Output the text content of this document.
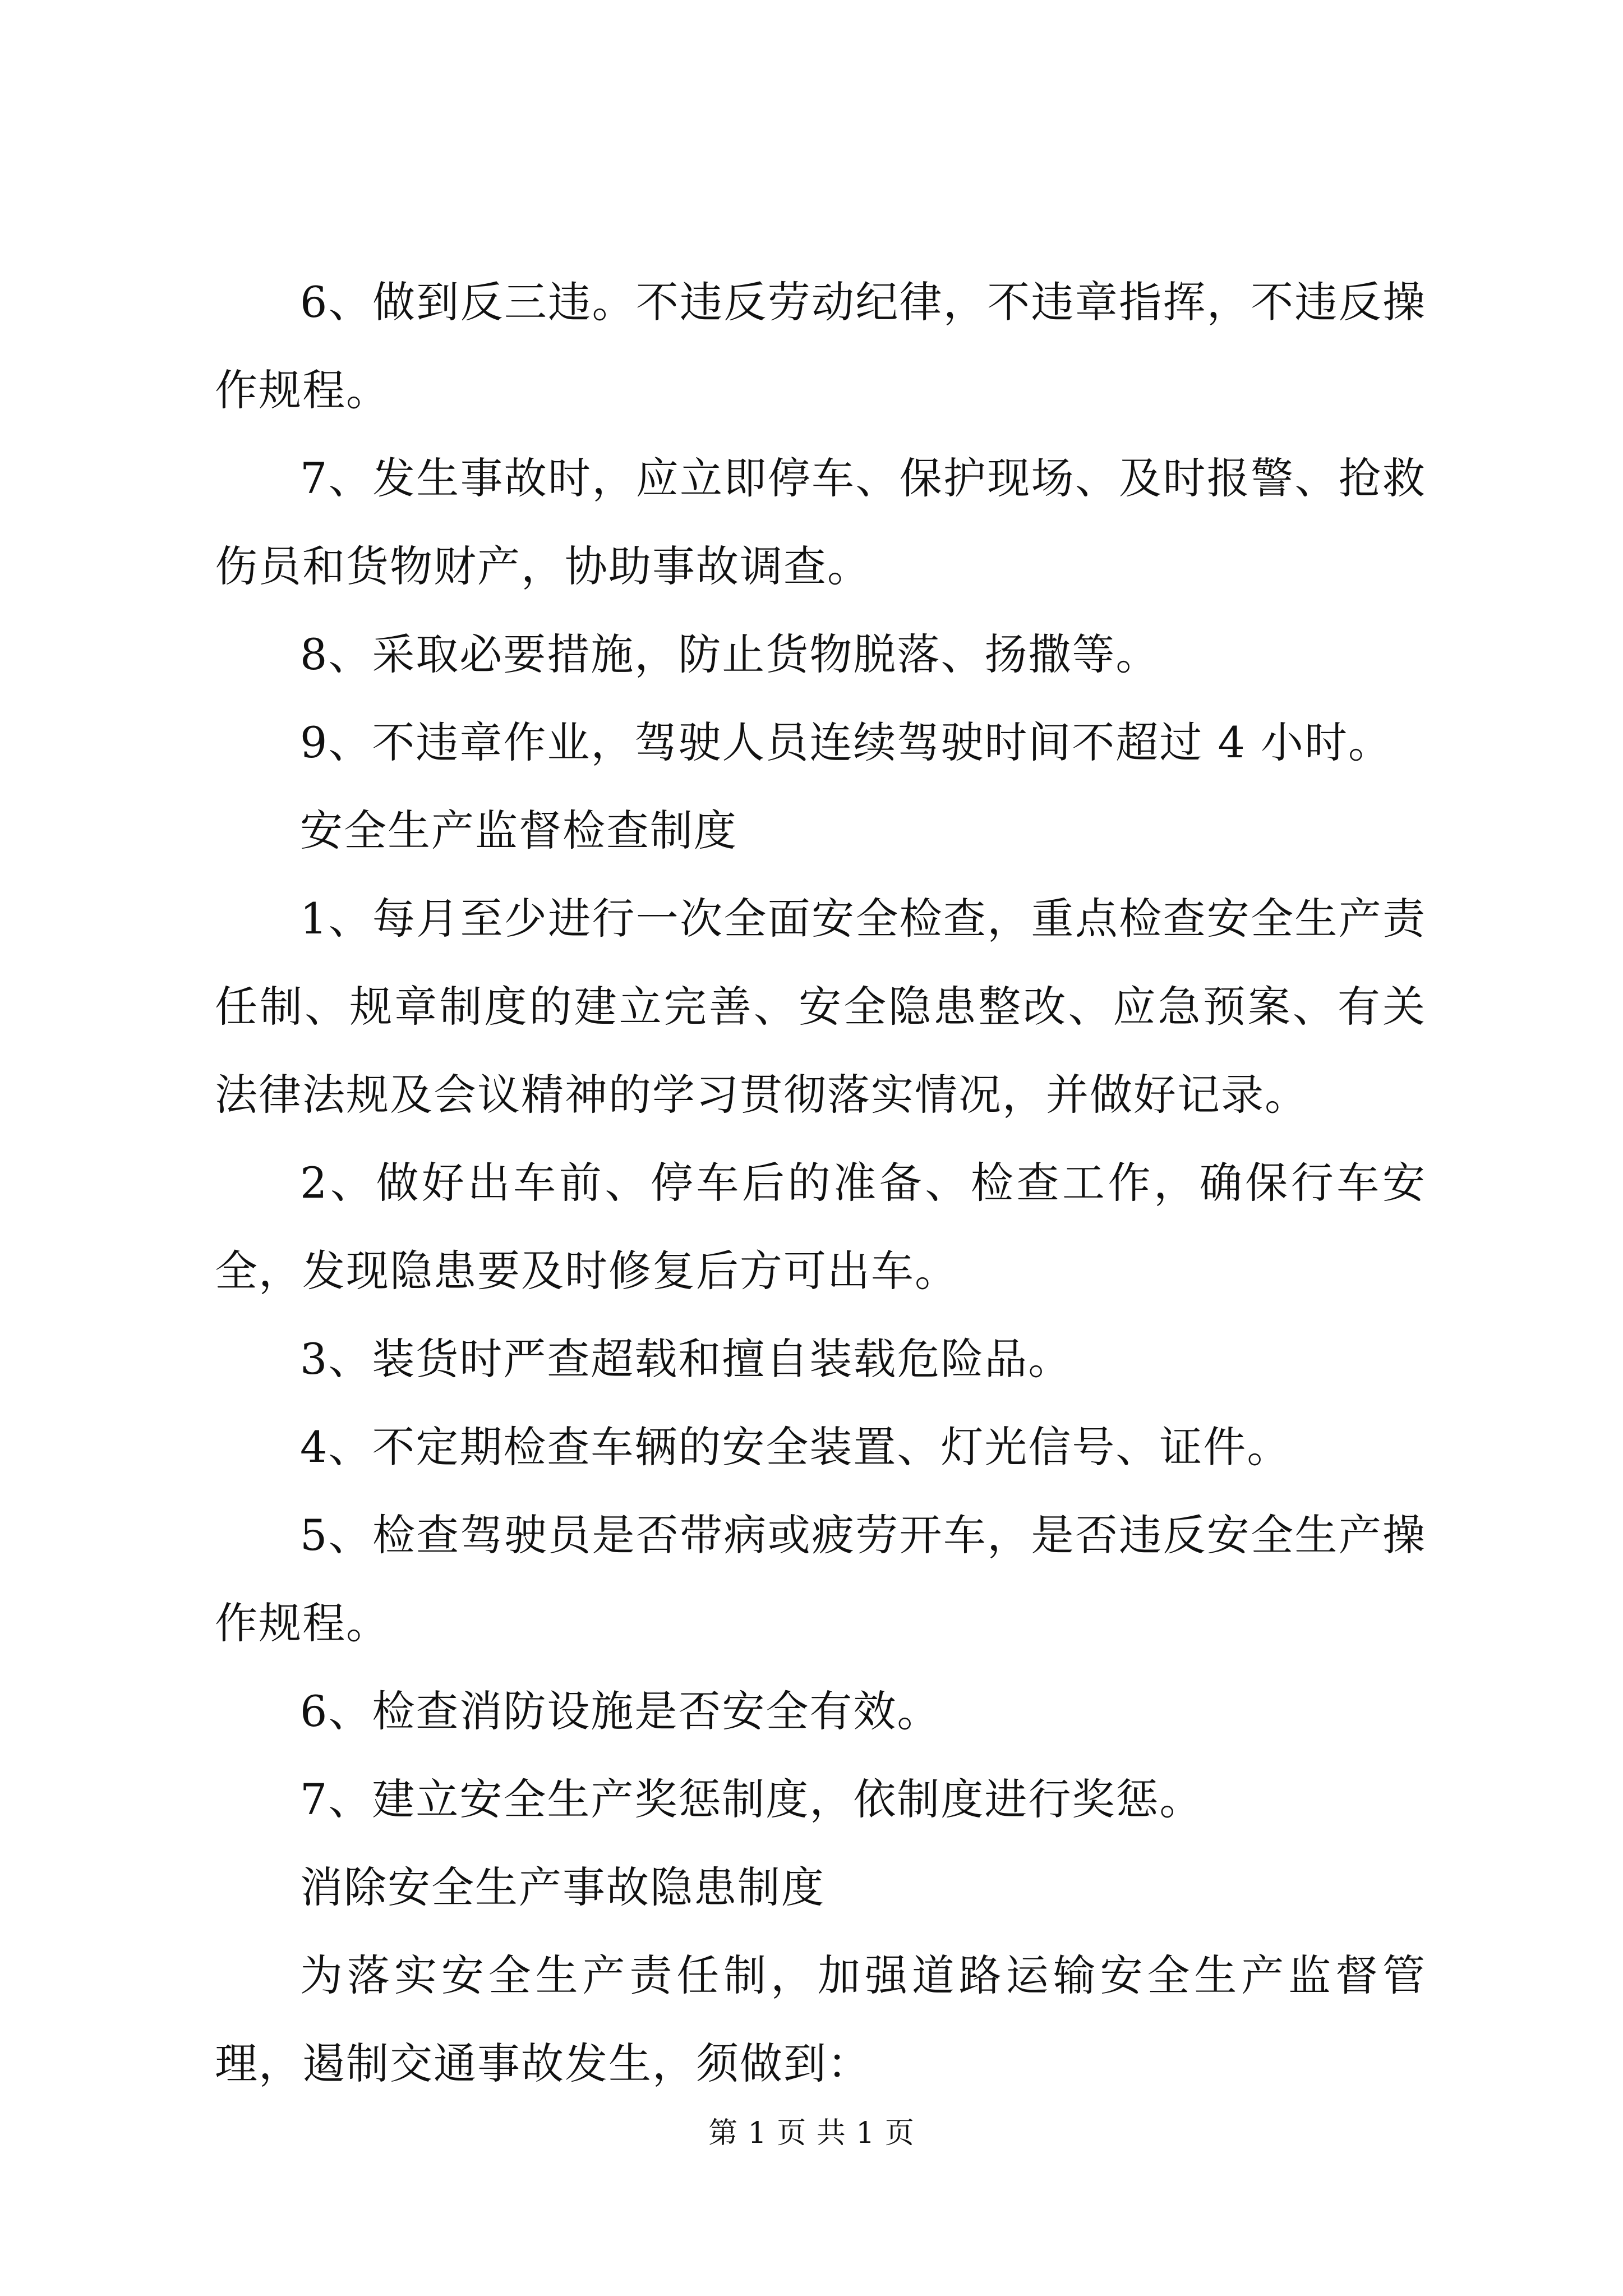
6、做到反三违。不违反劳动纪律，不违章指挥，不违反操作规程。

7、发生事故时，应立即停车、保护现场、及时报警、抢救伤员和货物财产，协助事故调查。

8、采取必要措施，防止货物脱落、扬撒等。

9、不违章作业，驾驶人员连续驾驶时间不超过 4 小时。

安全生产监督检查制度

1、每月至少进行一次全面安全检查，重点检查安全生产责任制、规章制度的建立完善、安全隐患整改、应急预案、有关法律法规及会议精神的学习贯彻落实情况，并做好记录。

2、做好出车前、停车后的准备、检查工作，确保行车安全，发现隐患要及时修复后方可出车。

3、装货时严查超载和擅自装载危险品。

4、不定期检查车辆的安全装置、灯光信号、证件。

5、检查驾驶员是否带病或疲劳开车，是否违反安全生产操作规程。

6、检查消防设施是否安全有效。

7、建立安全生产奖惩制度，依制度进行奖惩。

消除安全生产事故隐患制度

为落实安全生产责任制，加强道路运输安全生产监督管理，遏制交通事故发生，须做到：

第 1 页 共 1 页
